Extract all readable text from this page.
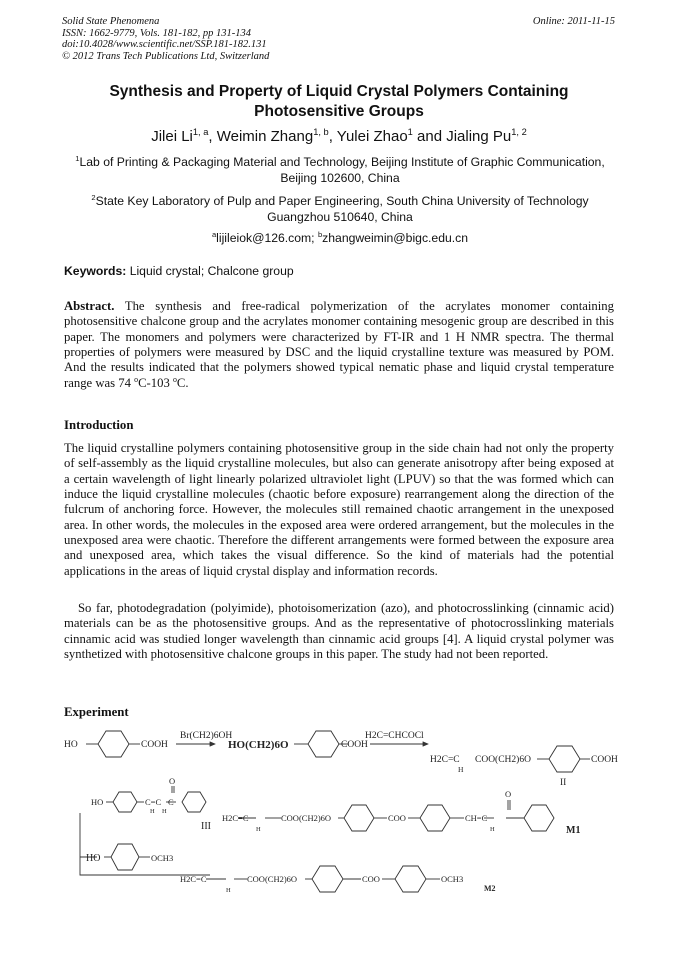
Solid State Phenomena
ISSN: 1662-9779, Vols. 181-182, pp 131-134
doi:10.4028/www.scientific.net/SSP.181-182.131
© 2012 Trans Tech Publications Ltd, Switzerland
Online: 2011-11-15
Synthesis and Property of Liquid Crystal Polymers Containing Photosensitive Groups
Jilei Li$^{1, a}$, Weimin Zhang$^{1, b}$, Yulei Zhao$^1$ and Jialing Pu$^{1, 2}$
$^1$Lab of Printing & Packaging Material and Technology, Beijing Institute of Graphic Communication, Beijing 102600, China
$^2$State Key Laboratory of Pulp and Paper Engineering, South China University of Technology Guangzhou 510640, China
$^a$lijileiok@126.com; $^b$zhangweimin@bigc.edu.cn
Keywords: Liquid crystal; Chalcone group
Abstract. The synthesis and free-radical polymerization of the acrylates monomer containing photosensitive chalcone group and the acrylates monomer containing mesogenic group are described in this paper. The monomers and polymers were characterized by FT-IR and 1 H NMR spectra. The thermal properties of polymers were measured by DSC and the liquid crystalline texture was measured by POM. And the results indicated that the polymers showed typical nematic phase and liquid crystal temperature range was 74 $^o$C-103 $^o$C.
Introduction
The liquid crystalline polymers containing photosensitive group in the side chain had not only the property of self-assembly as the liquid crystalline molecules, but also can generate anisotropy after being exposed at a certain wavelength of light linearly polarized ultraviolet light (LPUV) so that the was formed which can induce the liquid crystalline molecules (chaotic before exposure) rearrangement along the direction of the fulcrum of anchoring force. However, the molecules still remained chaotic arrangement in the unexposed area. In other words, the molecules in the exposed area were ordered arrangement, but the molecules in the unexposed area were chaotic. Therefore the different arrangements were formed between the exposure area and unexposed area, which takes the visual difference. So the kind of materials had the potential applications in the areas of liquid crystal display and information records.
So far, photodegradation (polyimide), photoisomerization (azo), and photocrosslinking (cinnamic acid) materials can be as the photosensitive groups. And as the representative of photocrosslinking materials cinnamic acid was studied longer wavelength than cinnamic acid groups [4]. A liquid crystal polymer was synthetized with photosensitive chalcone groups in this paper. The study had not been reported.
Experiment
HO	COOH
Br(CH2)6OH
HO(CH2)6O	COOH
H2C=CHCOCl
H2C=C
H
COO(CH2)6O	COOH
II
HO	C=C
H H
C
O
III
H2C=C
H
COO(CH2)6O	COO	CH=C
H
O
M1
HO	OCH3
H2C=C
H
COO(CH2)6O	COO	OCH3
M2
